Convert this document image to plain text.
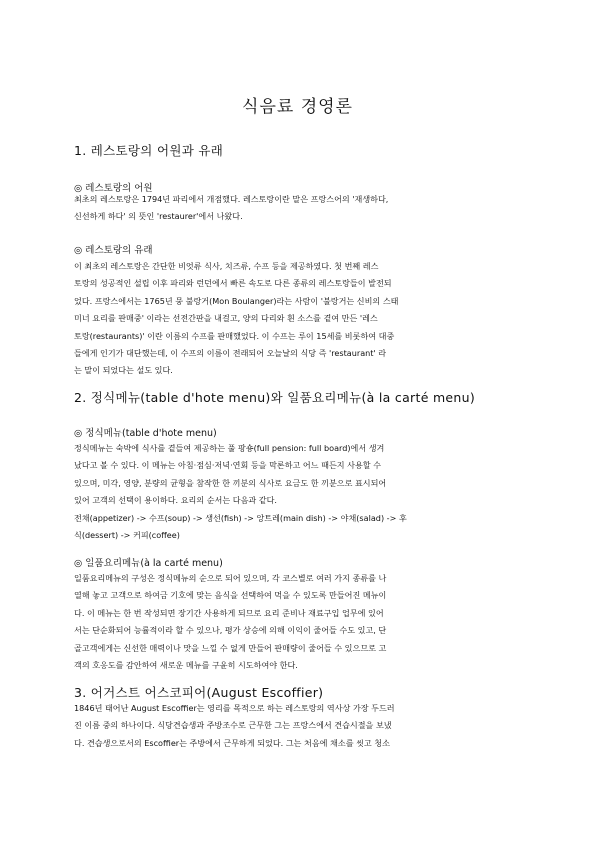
식음료 경영론
1. 레스토랑의 어원과 유래
◎ 레스토랑의 어원
최초의 레스토랑은 1794년 파리에서 개점했다. 레스토랑이란 말은 프랑스어의 '재생하다,
신선하게 하다' 의 뜻인 'restaurer'에서 나왔다.
◎ 레스토랑의 유래
이 최초의 레스토랑은 간단한 비엇류 식사, 치즈류, 수프 등을 제공하였다. 첫 번째 레스
토랑의 성공적인 설립 이후 파리와 런던에서 빠른 속도로 다른 종류의 레스토랑들이 발전되
었다. 프랑스에서는 1765년 뭉 불랑거(Mon Boulanger)라는 사람이 '불랑거는 신비의 스태
미너 요리를 판매중' 이라는 선전간판을 내걸고, 양의 다리와 흰 소스를 곁여 만든 '레스
토랑(restaurants)' 이란 이름의 수프를 판매했었다. 이 수프는 루이 15세를 비롯하여 대중
들에게 인기가 대단했는데, 이 수프의 이름이 전래되어 오늘날의 식당 즉 'restaurant' 라
는 말이 되었다는 설도 있다.
2. 정식메뉴(table d'hote menu)와 일품요리메뉴(à la carté menu)
◎ 정식메뉴(table d'hote menu)
정식메뉴는 숙박에 식사를 곁들여 제공하는 풀 팡숑(full pension: full board)에서 생겨
났다고 볼 수 있다. 이 메뉴는 아침·점심·저녁·연회 등을 막론하고 어느 때든지 사용할 수
있으며, 미각, 영양, 분량의 균형을 참작한 한 끼분의 식사로 요금도 한 끼분으로 표시되어
있어 고객의 선택이 용이하다. 요리의 순서는 다음과 같다.
전채(appetizer) -> 수프(soup) -> 생선(fish) -> 앙트레(main dish) -> 야채(salad) -> 후
식(dessert) -> 커피(coffee)
◎ 일품요리메뉴(à la carté menu)
일품요리메뉴의 구성은 정식메뉴의 순으로 되어 있으며, 각 코스별로 여러 가지 종류를 나
열해 놓고 고객으로 하여금 기호에 맞는 음식을 선택하여 먹을 수 있도록 만들어진 메뉴이
다. 이 메뉴는 한 번 작성되면 장기간 사용하게 되므로 요리 준비나 재료구입 업무에 있어
서는 단순화되어 능률적이라 할 수 있으나, 평가 상승에 의해 이익이 줄어들 수도 있고, 단
골고객에게는 신선한 매력이나 맛을 느낄 수 없게 만들어 판매량이 줄어들 수 있으므로 고
객의 호응도를 감안하여 새로운 메뉴를 구윤히 시도하여야 한다.
3. 어거스트 어스코피어(August Escoffier)
1846년 태어난 August Escoffier는 영리를 목적으로 하는 레스토랑의 역사상 가장 두드러
진 이름 중의 하나이다. 식당견습생과 주방조수로 근무한 그는 프랑스에서 견습시절을 보냈
다. 견습생으로서의 Escoffier는 주방에서 근무하게 되었다. 그는 처음에 채소를 씻고 청소
